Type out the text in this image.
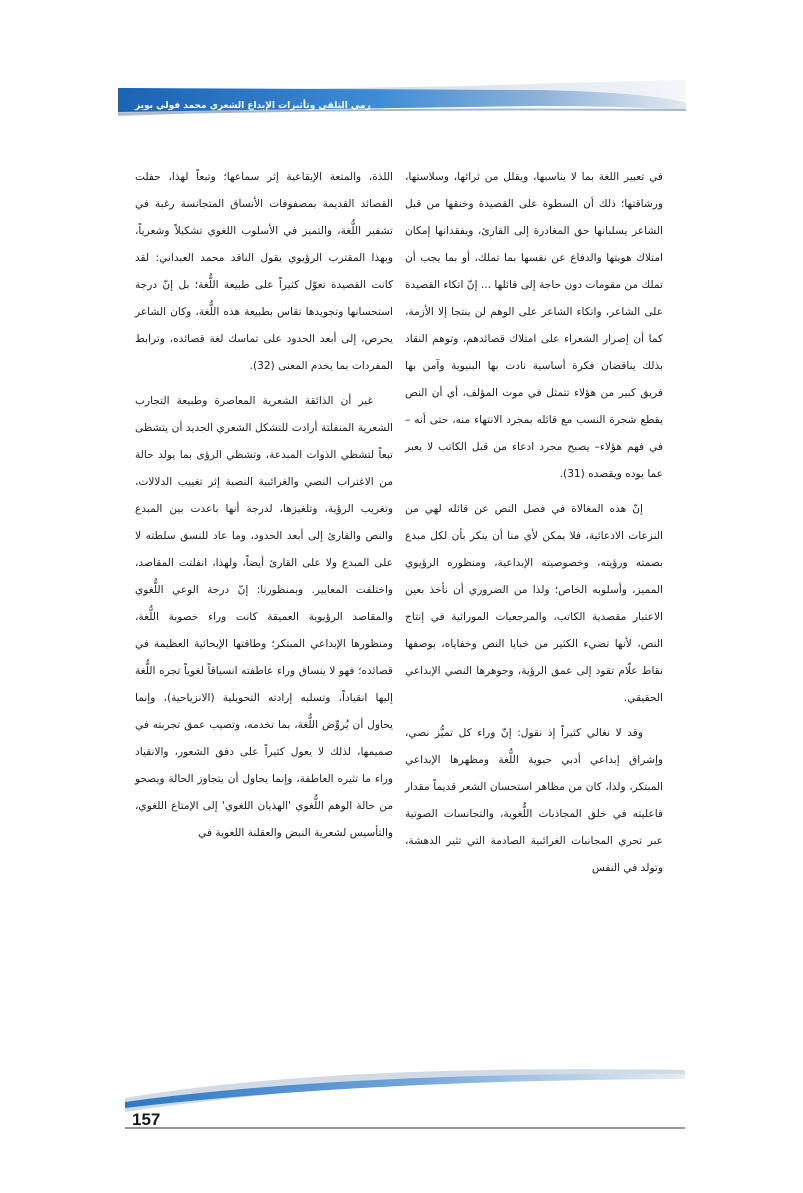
رمي التلقي وتأثيرات الإبداع الشعري محمد فولي بويز

في تعبير اللغة بما لا يناسبها، ويقلل من ثرائها، وسلاستها، ورشاقتها؛ ذلك أن السطوة على القصيدة وخنقها من قبل الشاعر يسلبانها حق المغادرة إلى القارئ، ويفقدانها إمكان امتلاك هويتها والدفاع عن نفسها بما تملك، أو بما يجب أن تملك من مقومات دون حاجة إلى قائلها ... إنّ اتكاء القصيدة على الشاعر، واتكاء الشاعر على الوهم لن ينتجا إلا الأزمة، كما أن إصرار الشعراء على امتلاك قصائدهم، وتوهم النقاد بذلك يناقضان فكرة أساسية نادت بها البنيوية وآمن بها فريق كبير من هؤلاء تتمثل في موت المؤلف، أي أن النص يقطع شجرة النسب مع قائله بمجرد الانتهاء منه، حتى أنه –في فهم هؤلاء– يصبح مجرد ادعاء من قبل الكاتب لا يعبر عما يوده ويقصده (31).

إنّ هذه المغالاة في فصل النص عن قائله لهي من النزعات الادعائية، فلا يمكن لأي منا أن ينكر بأن لكل مبدع بصمته ورؤيته، وخصوصيته الإبداعية، ومنظوره الرؤيوي المميز، وأسلوبه الخاص؛ ولذا من الضروري أن نأخذ بعين الاعتبار مقصدية الكاتب، والمرجعيات الموراثية في إنتاج النص، لأنها تضيء الكثير من خبايا النص وخفاياه، بوصفها نقاط علّام تقود إلى عمق الرؤية، وجوهرها النصي الإبداعي الحقيقي.

وقد لا نغالي كثيراً إذ نقول: إنّ وراء كل تميُّز نصي، وإشراق إبداعي أدبي حيوية اللُّغة ومظهرها الإبداعي المبتكر، ولذا، كان من مظاهر استحسان الشعر قديماً مقدار فاعليته في خلق المجاذبات اللُّغوية، والتجانسات الصوتية عبر تحري المجانبات الغرائبية الصادمة التي تثير الدهشة، وتولد في النفس

اللذة، والمتعة الإيقاعية إثر سماعها؛ وتبعاً لهذا، حفلت القصائد القديمة بمصفوفات الأنساق المتجانسة رغبة في تشفير اللُّغة، والتميز في الأسلوب اللغوي تشكيلاً وشعرياً، وبهذا المقترب الرؤيوي يقول الناقد محمد العبداني: لقد كانت القصيدة تعوّل كثيراً على طبيعة اللُّغة؛ بل إنّ درجة استحسانها وتجويدها تقاس بطبيعة هذه اللُّغة، وكان الشاعر يحرص، إلى أبعد الحدود على تماسك لغة قصائده، وترابط المفردات بما يخدم المعنى (32).

غير أن الذائقة الشعرية المعاصرة وطبيعة التجارب الشعرية المنفلتة أرادت للتشكل الشعري الجديد أن يتشظى تبعاً لتشظي الذوات المبدعة، وتشظي الرؤى بما يولد حالة من الاغتراب النصي والغرائبية النصية إثر تغييب الدلالات، وتغريب الرؤية، وتلغيزها، لدرجة أنها باعدت بين المبدع والنص والقارئ إلى أبعد الحدود، وما عاد للنسق سلطته لا على المبدع ولا على القارئ أيضاً، ولهذا، انفلتت المقاصد، واختلفت المعايير. وبمنظورنا: إنّ درجة الوعي اللُّغوي والمقاصد الرؤيوية العميقة كانت وراء خصوبة اللُّغة، ومنظورها الإبداعي المبتكر؛ وطاقتها الإيحائية العظيمة في قصائده؛ فهو لا ينساق وراء عاطفته انسياقاً لغوياً تجره اللُّغة إليها انقياداً، وتسلبه إرادته التحويلية (الانزياحية)، وإنما يحاول أن يُروِّض اللُّغة، بما تخدمه، وتصيب عمق تجربته في صميمها، لذلك لا يعول كثيراً على دفق الشعور، والانقياد وراء ما تثيره العاطفة، وإنما يحاول أن يتجاوز الحالة ويصحو من حالة الوهم اللُّغوي 'الهذيان اللغوي' إلى الإمتاع اللغوي، والتأسيس لشعرية النبض والعقلنة اللغوية في

157
